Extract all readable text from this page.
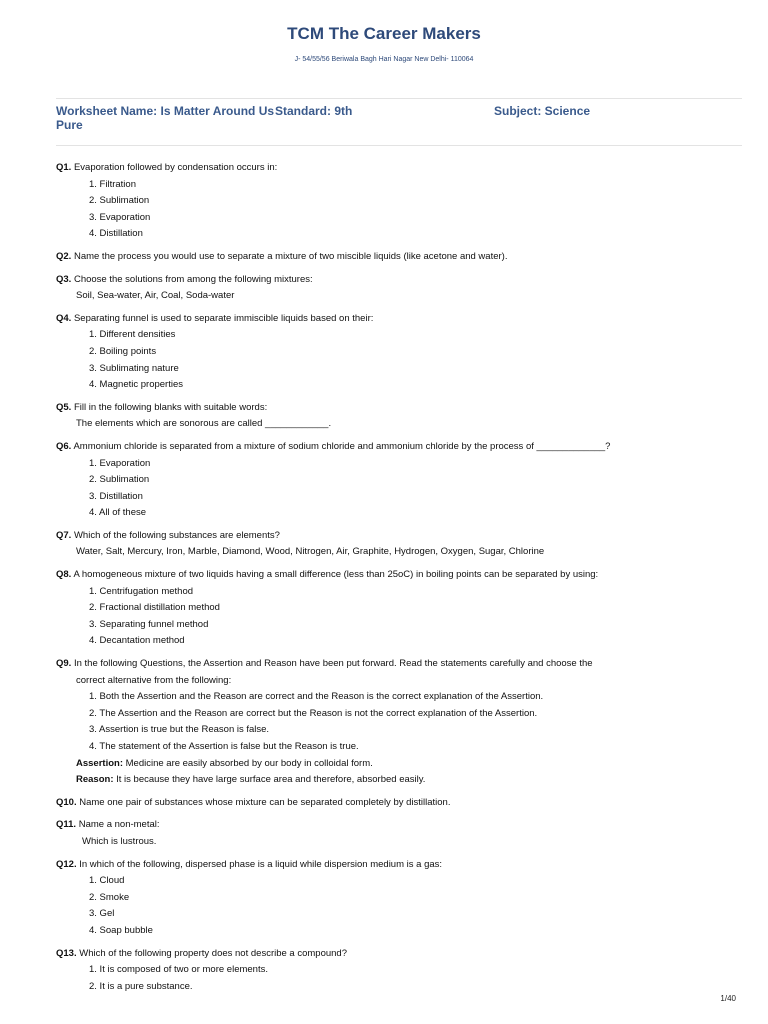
TCM The Career Makers
J- 54/55/56 Beriwala Bagh Hari Nagar New Delhi- 110064
Worksheet Name: Is Matter Around Us Pure
Standard: 9th	Subject: Science
Q1. Evaporation followed by condensation occurs in:
1. Filtration
2. Sublimation
3. Evaporation
4. Distillation
Q2. Name the process you would use to separate a mixture of two miscible liquids (like acetone and water).
Q3. Choose the solutions from among the following mixtures:
Soil, Sea-water, Air, Coal, Soda-water
Q4. Separating funnel is used to separate immiscible liquids based on their:
1. Different densities
2. Boiling points
3. Sublimating nature
4. Magnetic properties
Q5. Fill in the following blanks with suitable words:
The elements which are sonorous are called ____________.
Q6. Ammonium chloride is separated from a mixture of sodium chloride and ammonium chloride by the process of _____________?
1. Evaporation
2. Sublimation
3. Distillation
4. All of these
Q7. Which of the following substances are elements?
Water, Salt, Mercury, Iron, Marble, Diamond, Wood, Nitrogen, Air, Graphite, Hydrogen, Oxygen, Sugar, Chlorine
Q8. A homogeneous mixture of two liquids having a small difference (less than 25oC) in boiling points can be separated by using:
1. Centrifugation method
2. Fractional distillation method
3. Separating funnel method
4. Decantation method
Q9. In the following Questions, the Assertion and Reason have been put forward. Read the statements carefully and choose the
correct alternative from the following:
1. Both the Assertion and the Reason are correct and the Reason is the correct explanation of the Assertion.
2. The Assertion and the Reason are correct but the Reason is not the correct explanation of the Assertion.
3. Assertion is true but the Reason is false.
4. The statement of the Assertion is false but the Reason is true.
Assertion: Medicine are easily absorbed by our body in colloidal form.
Reason: It is because they have large surface area and therefore, absorbed easily.
Q10. Name one pair of substances whose mixture can be separated completely by distillation.
Q11. Name a non-metal:
Which is lustrous.
Q12. In which of the following, dispersed phase is a liquid while dispersion medium is a gas:
1. Cloud
2. Smoke
3. Gel
4. Soap bubble
Q13. Which of the following property does not describe a compound?
1. It is composed of two or more elements.
2. It is a pure substance.
1/40
